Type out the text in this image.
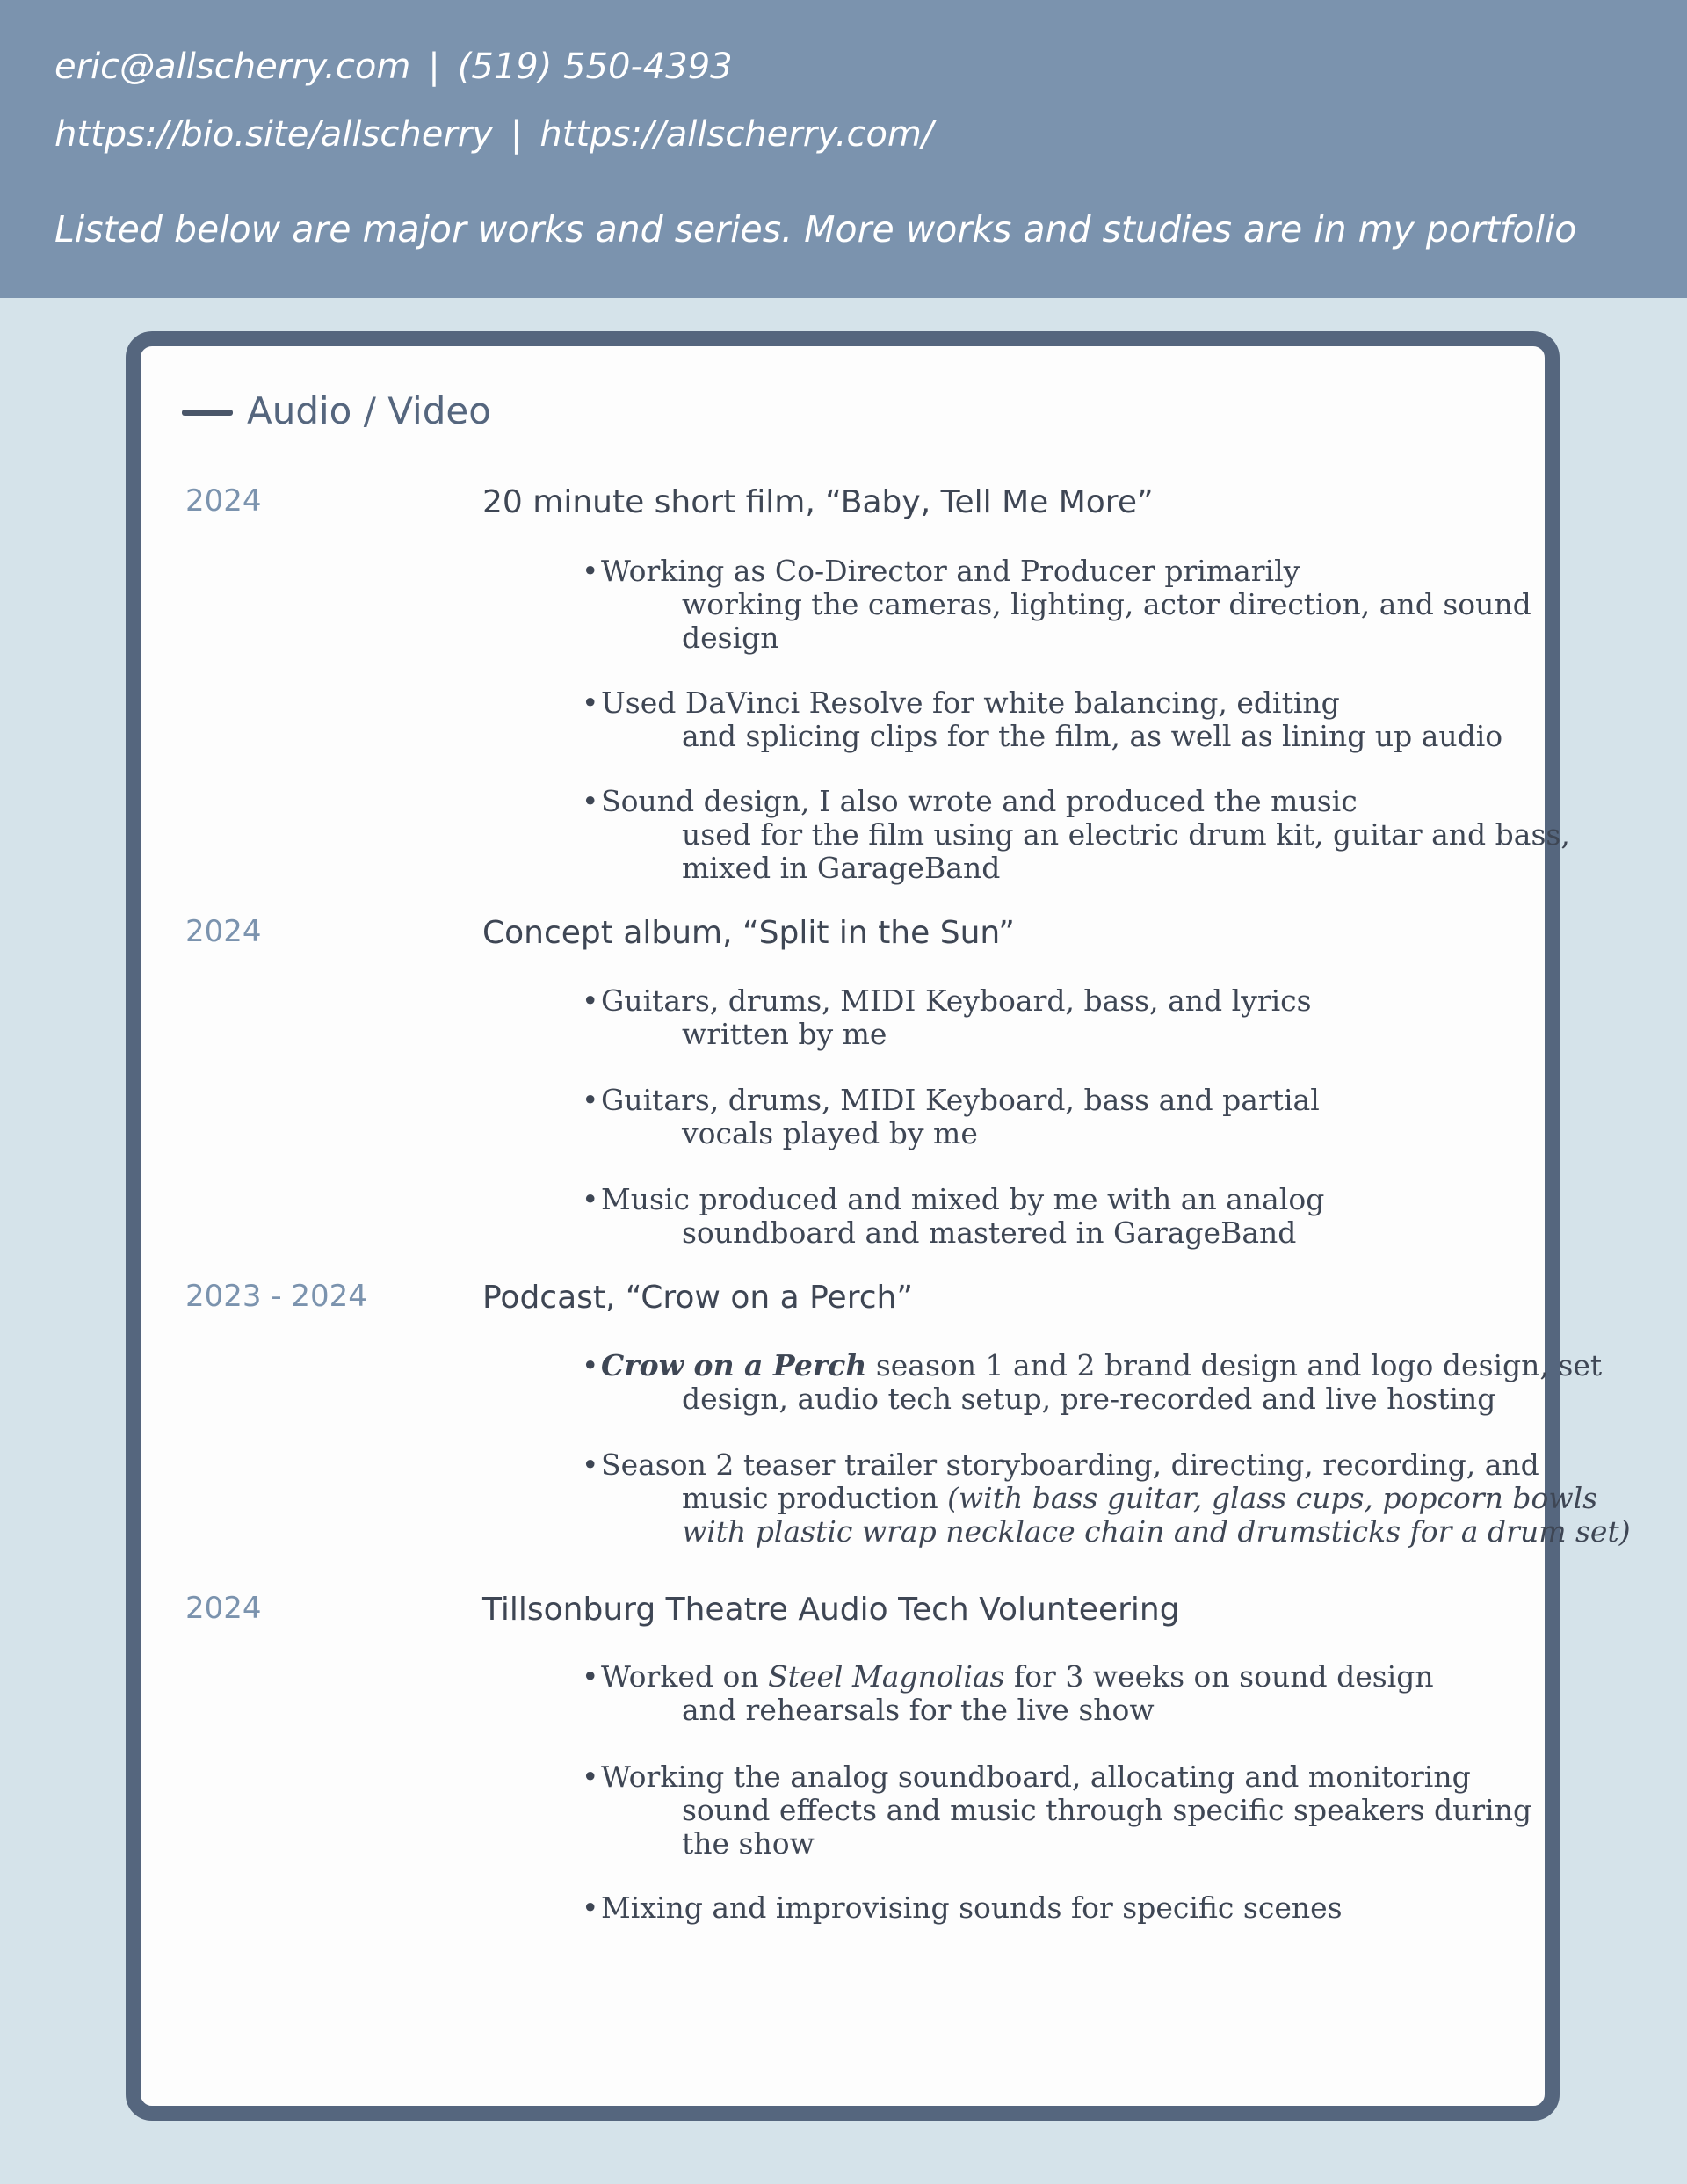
eric@allscherry.com | (519) 550-4393
https://bio.site/allscherry | https://allscherry.com/
Listed below are major works and series. More works and studies are in my portfolio
Audio / Video
2024	20 minute short film, “Baby, Tell Me More”
•Working as Co-Director and Producer primarily
working the cameras, lighting, actor direction, and sound
design
•Used DaVinci Resolve for white balancing, editing
and splicing clips for the film, as well as lining up audio
•Sound design, I also wrote and produced the music
used for the film using an electric drum kit, guitar and bass,
mixed in GarageBand
2024	Concept album, “Split in the Sun”
•Guitars, drums, MIDI Keyboard, bass, and lyrics
written by me
•Guitars, drums, MIDI Keyboard, bass and partial
vocals played by me
•Music produced and mixed by me with an analog
soundboard and mastered in GarageBand
2023 - 2024	Podcast, “Crow on a Perch”
•Crow on a Perch season 1 and 2 brand design and logo design, set
design, audio tech setup, pre-recorded and live hosting
•Season 2 teaser trailer storyboarding, directing, recording, and
music production (with bass guitar, glass cups, popcorn bowls
with plastic wrap necklace chain and drumsticks for a drum set)
2024	Tillsonburg Theatre Audio Tech Volunteering
•Worked on Steel Magnolias for 3 weeks on sound design
and rehearsals for the live show
•Working the analog soundboard, allocating and monitoring
sound effects and music through specific speakers during
the show
•Mixing and improvising sounds for specific scenes
